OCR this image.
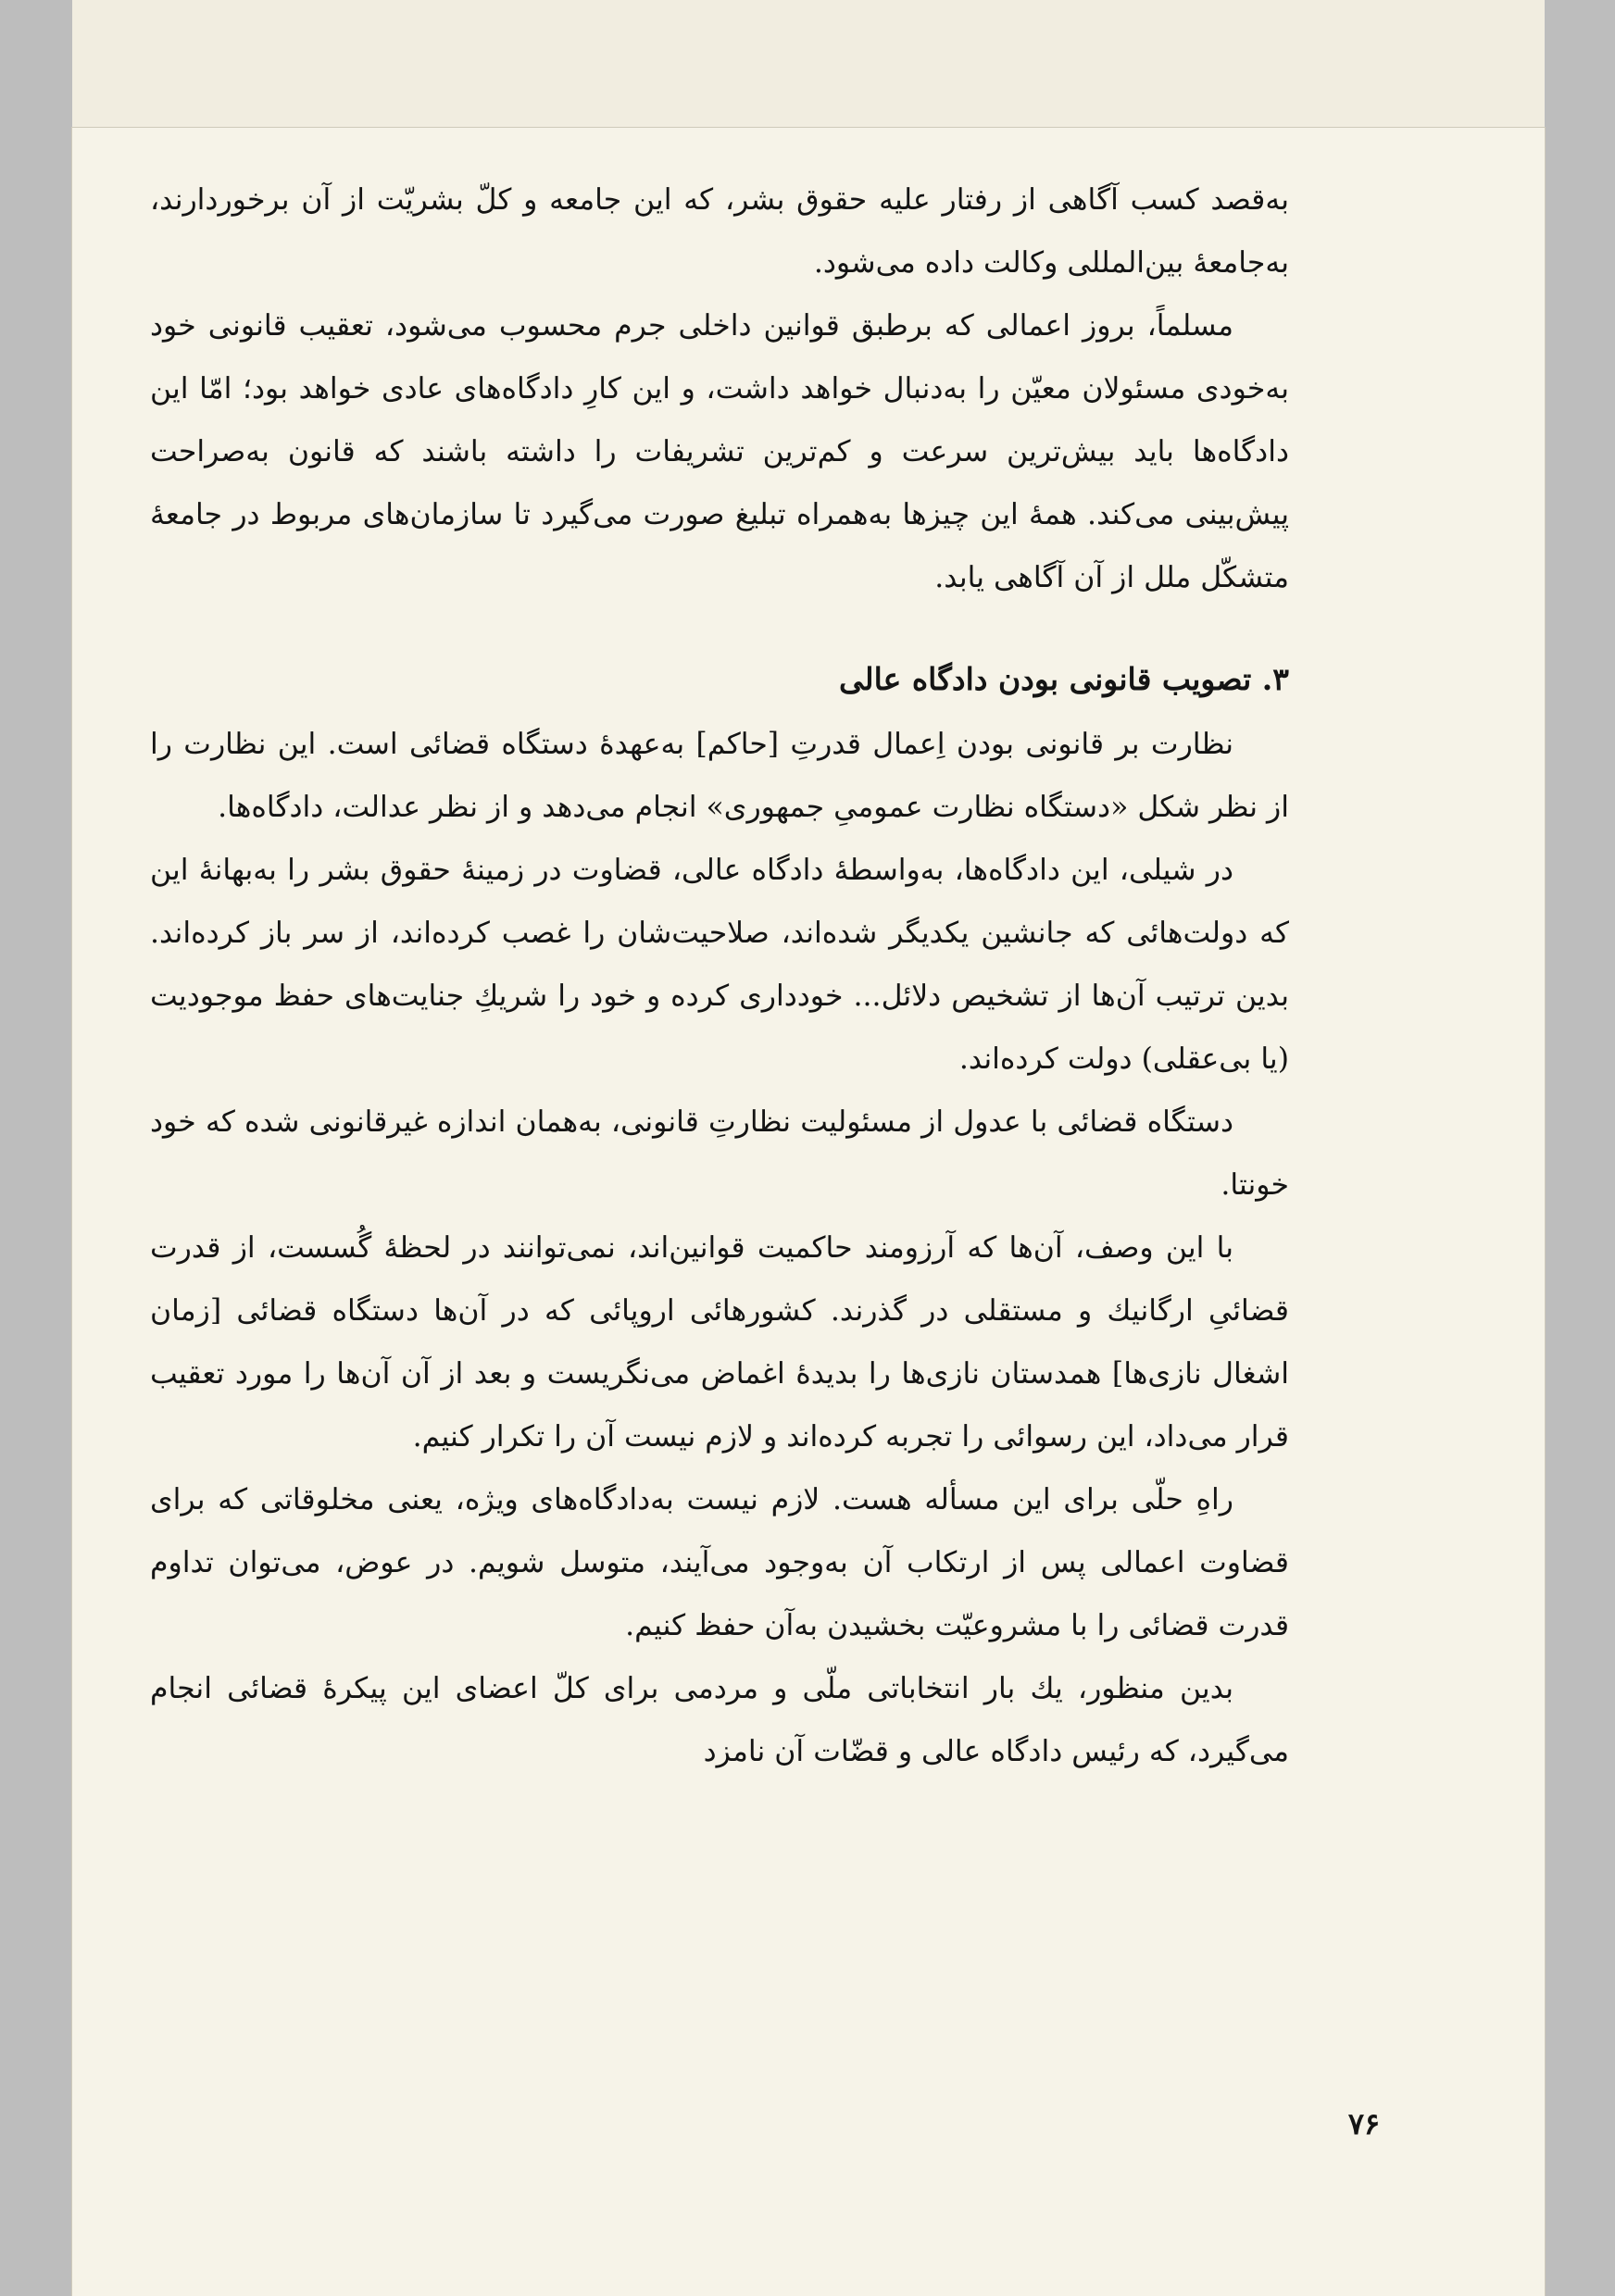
به‌قصد کسب آگاهی از رفتار علیه حقوق بشر، که این جامعه و کلّ بشریّت از آن برخوردارند، به‌جامعهٔ بین‌المللی وکالت داده می‌شود.

مسلماً، بروز اعمالی که برطبق قوانین داخلی جرم محسوب می‌شود، تعقیب قانونی خود به‌خودی مسئولان معیّن را به‌دنبال خواهد داشت، و این کارِ دادگاه‌های عادی خواهد بود؛ امّا این دادگاه‌ها باید بیش‌ترین سرعت و کم‌ترین تشریفات را داشته باشند که قانون به‌صراحت پیش‌بینی می‌کند. همهٔ این چیزها به‌همراه تبلیغ صورت می‌گیرد تا سازمان‌های مربوط در جامعهٔ متشکّل ملل از آن آگاهی یابد.

۳. تصویب قانونی بودن دادگاه عالی

نظارت بر قانونی بودن اِعمال قدرتِ [حاکم] به‌عهدهٔ دستگاه قضائی است. این نظارت را از نظر شکل «دستگاه نظارت عمومیِ جمهوری» انجام می‌دهد و از نظر عدالت، دادگاه‌ها.

در شیلی، این دادگاه‌ها، به‌واسطهٔ دادگاه عالی، قضاوت در زمینهٔ حقوق بشر را به‌بهانهٔ این که دولت‌هائی که جانشین یکدیگر شده‌اند، صلاحیت‌شان را غصب کرده‌اند، از سر باز کرده‌اند. بدین ترتیب آن‌ها از تشخیص دلائل... خودداری کرده و خود را شریكِ جنایت‌های حفظ موجودیت (یا بی‌عقلی) دولت کرده‌اند.

دستگاه قضائی با عدول از مسئولیت نظارتِ قانونی، به‌همان اندازه غیرقانونی شده که خود خونتا.

با این وصف، آن‌ها که آرزومند حاکمیت قوانین‌اند، نمی‌توانند در لحظهٔ گُسست، از قدرت قضائیِ ارگانیك و مستقلی در گذرند. کشورهائی اروپائی که در آن‌ها دستگاه قضائی [زمان اشغال نازی‌ها] همدستان نازی‌ها را بدیدهٔ اغماض می‌نگریست و بعد از آن آن‌ها را مورد تعقیب قرار می‌داد، این رسوائی را تجربه کرده‌اند و لازم نیست آن را تکرار کنیم.

راهِ حلّی برای این مسأله هست. لازم نیست به‌دادگاه‌های ویژه، یعنی مخلوقاتی که برای قضاوت اعمالی پس از ارتکاب آن به‌وجود می‌آیند، متوسل شویم. در عوض، می‌توان تداوم قدرت قضائی را با مشروعیّت بخشیدن به‌آن حفظ کنیم.

بدین منظور، یك بار انتخاباتی ملّی و مردمی برای کلّ اعضای این پیکرهٔ قضائی انجام می‌گیرد، که رئیس دادگاه عالی و قضّات آن نامزد

۷۶
